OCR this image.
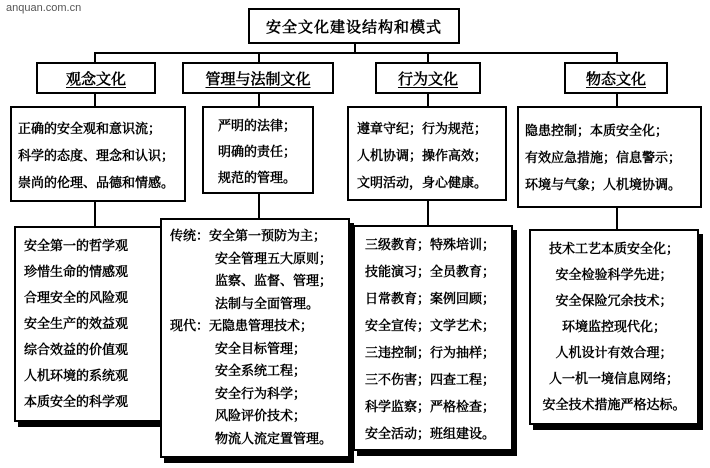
anquan.com.cn
安全文化建设结构和模式
观念文化	管理与法制文化	行为文化	物态文化
正确的安全观和意识流；
科学的态度、理念和认识；
崇尚的伦理、品德和情感。
严明的法律；
明确的责任；
规范的管理。
遵章守纪；行为规范；
人机协调；操作高效；
文明活动，身心健康。
隐患控制；本质安全化；
有效应急措施；信息警示；
环境与气象；人机境协调。
安全第一的哲学观
珍惜生命的情感观
合理安全的风险观
安全生产的效益观
综合效益的价值观
人机环境的系统观
本质安全的科学观
传统：安全第一预防为主；
安全管理五大原则；
监察、监督、管理；
法制与全面管理。
现代：无隐患管理技术；
安全目标管理；
安全系统工程；
安全行为科学；
风险评价技术；
物流人流定置管理。
三级教育；特殊培训；
技能演习；全员教育；
日常教育；案例回顾；
安全宣传；文学艺术；
三违控制；行为抽样；
三不伤害；四查工程；
科学监察；严格检查；
安全活动；班组建设。
技术工艺本质安全化；
安全检验科学先进；
安全保险冗余技术；
环境监控现代化；
人机设计有效合理；
人一机一境信息网络；
安全技术措施严格达标。
